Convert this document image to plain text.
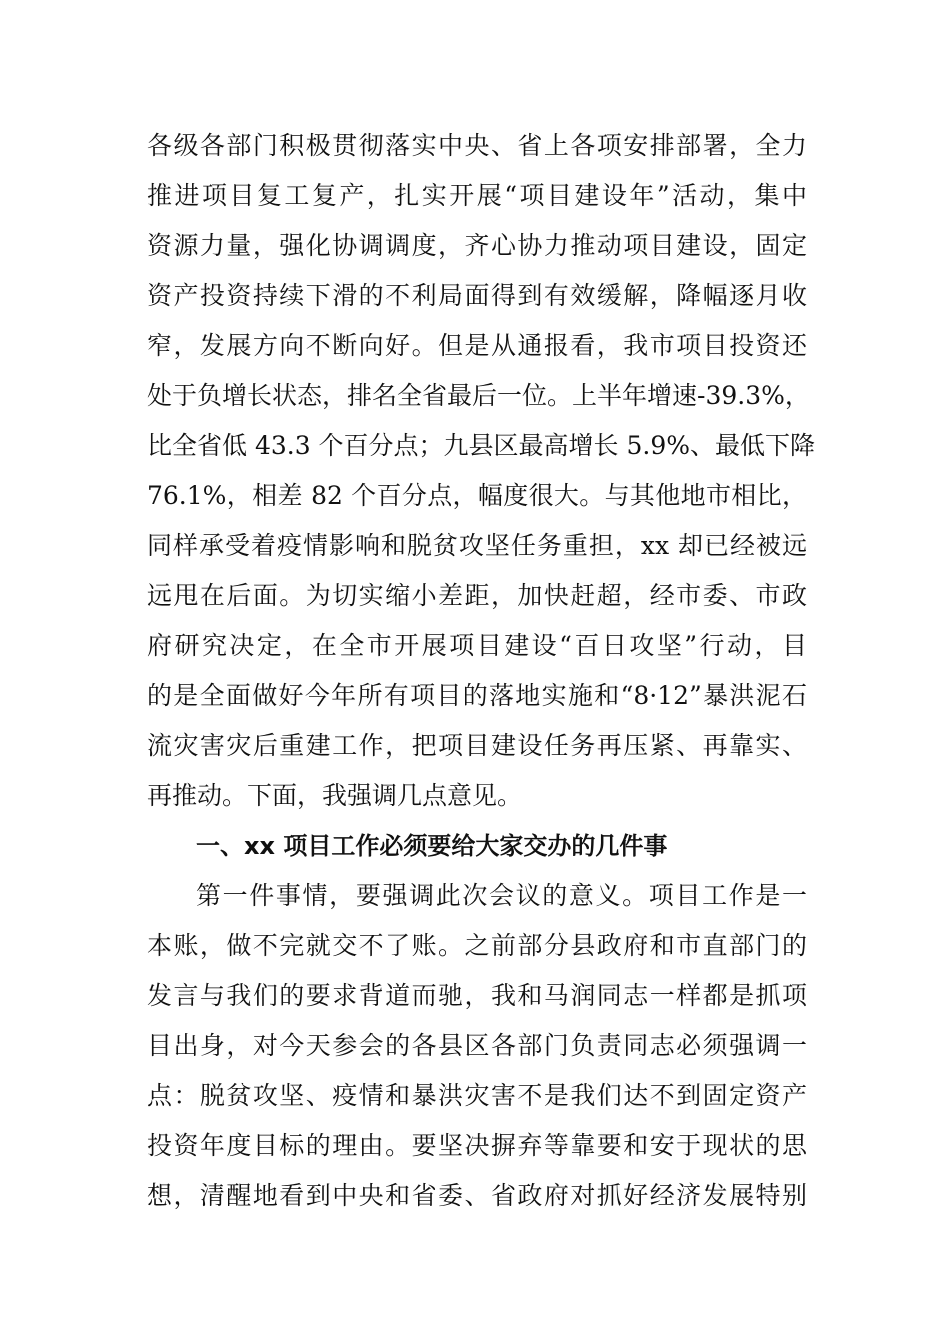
各级各部门积极贯彻落实中央、省上各项安排部署，全力
推进项目复工复产，扎实开展“项目建设年”活动，集中
资源力量，强化协调调度，齐心协力推动项目建设，固定
资产投资持续下滑的不利局面得到有效缓解，降幅逐月收
窄，发展方向不断向好。但是从通报看，我市项目投资还
处于负增长状态，排名全省最后一位。上半年增速-39.3%，
比全省低 43.3 个百分点；九县区最高增长 5.9%、最低下降
76.1%，相差 82 个百分点，幅度很大。与其他地市相比，
同样承受着疫情影响和脱贫攻坚任务重担，xx 却已经被远
远甩在后面。为切实缩小差距，加快赶超，经市委、市政
府研究决定，在全市开展项目建设“百日攻坚”行动，目
的是全面做好今年所有项目的落地实施和“8·12”暴洪泥石
流灾害灾后重建工作，把项目建设任务再压紧、再靠实、
再推动。下面，我强调几点意见。
一、xx 项目工作必须要给大家交办的几件事
第一件事情，要强调此次会议的意义。项目工作是一
本账，做不完就交不了账。之前部分县政府和市直部门的
发言与我们的要求背道而驰，我和马润同志一样都是抓项
目出身，对今天参会的各县区各部门负责同志必须强调一
点：脱贫攻坚、疫情和暴洪灾害不是我们达不到固定资产
投资年度目标的理由。要坚决摒弃等靠要和安于现状的思
想，清醒地看到中央和省委、省政府对抓好经济发展特别
